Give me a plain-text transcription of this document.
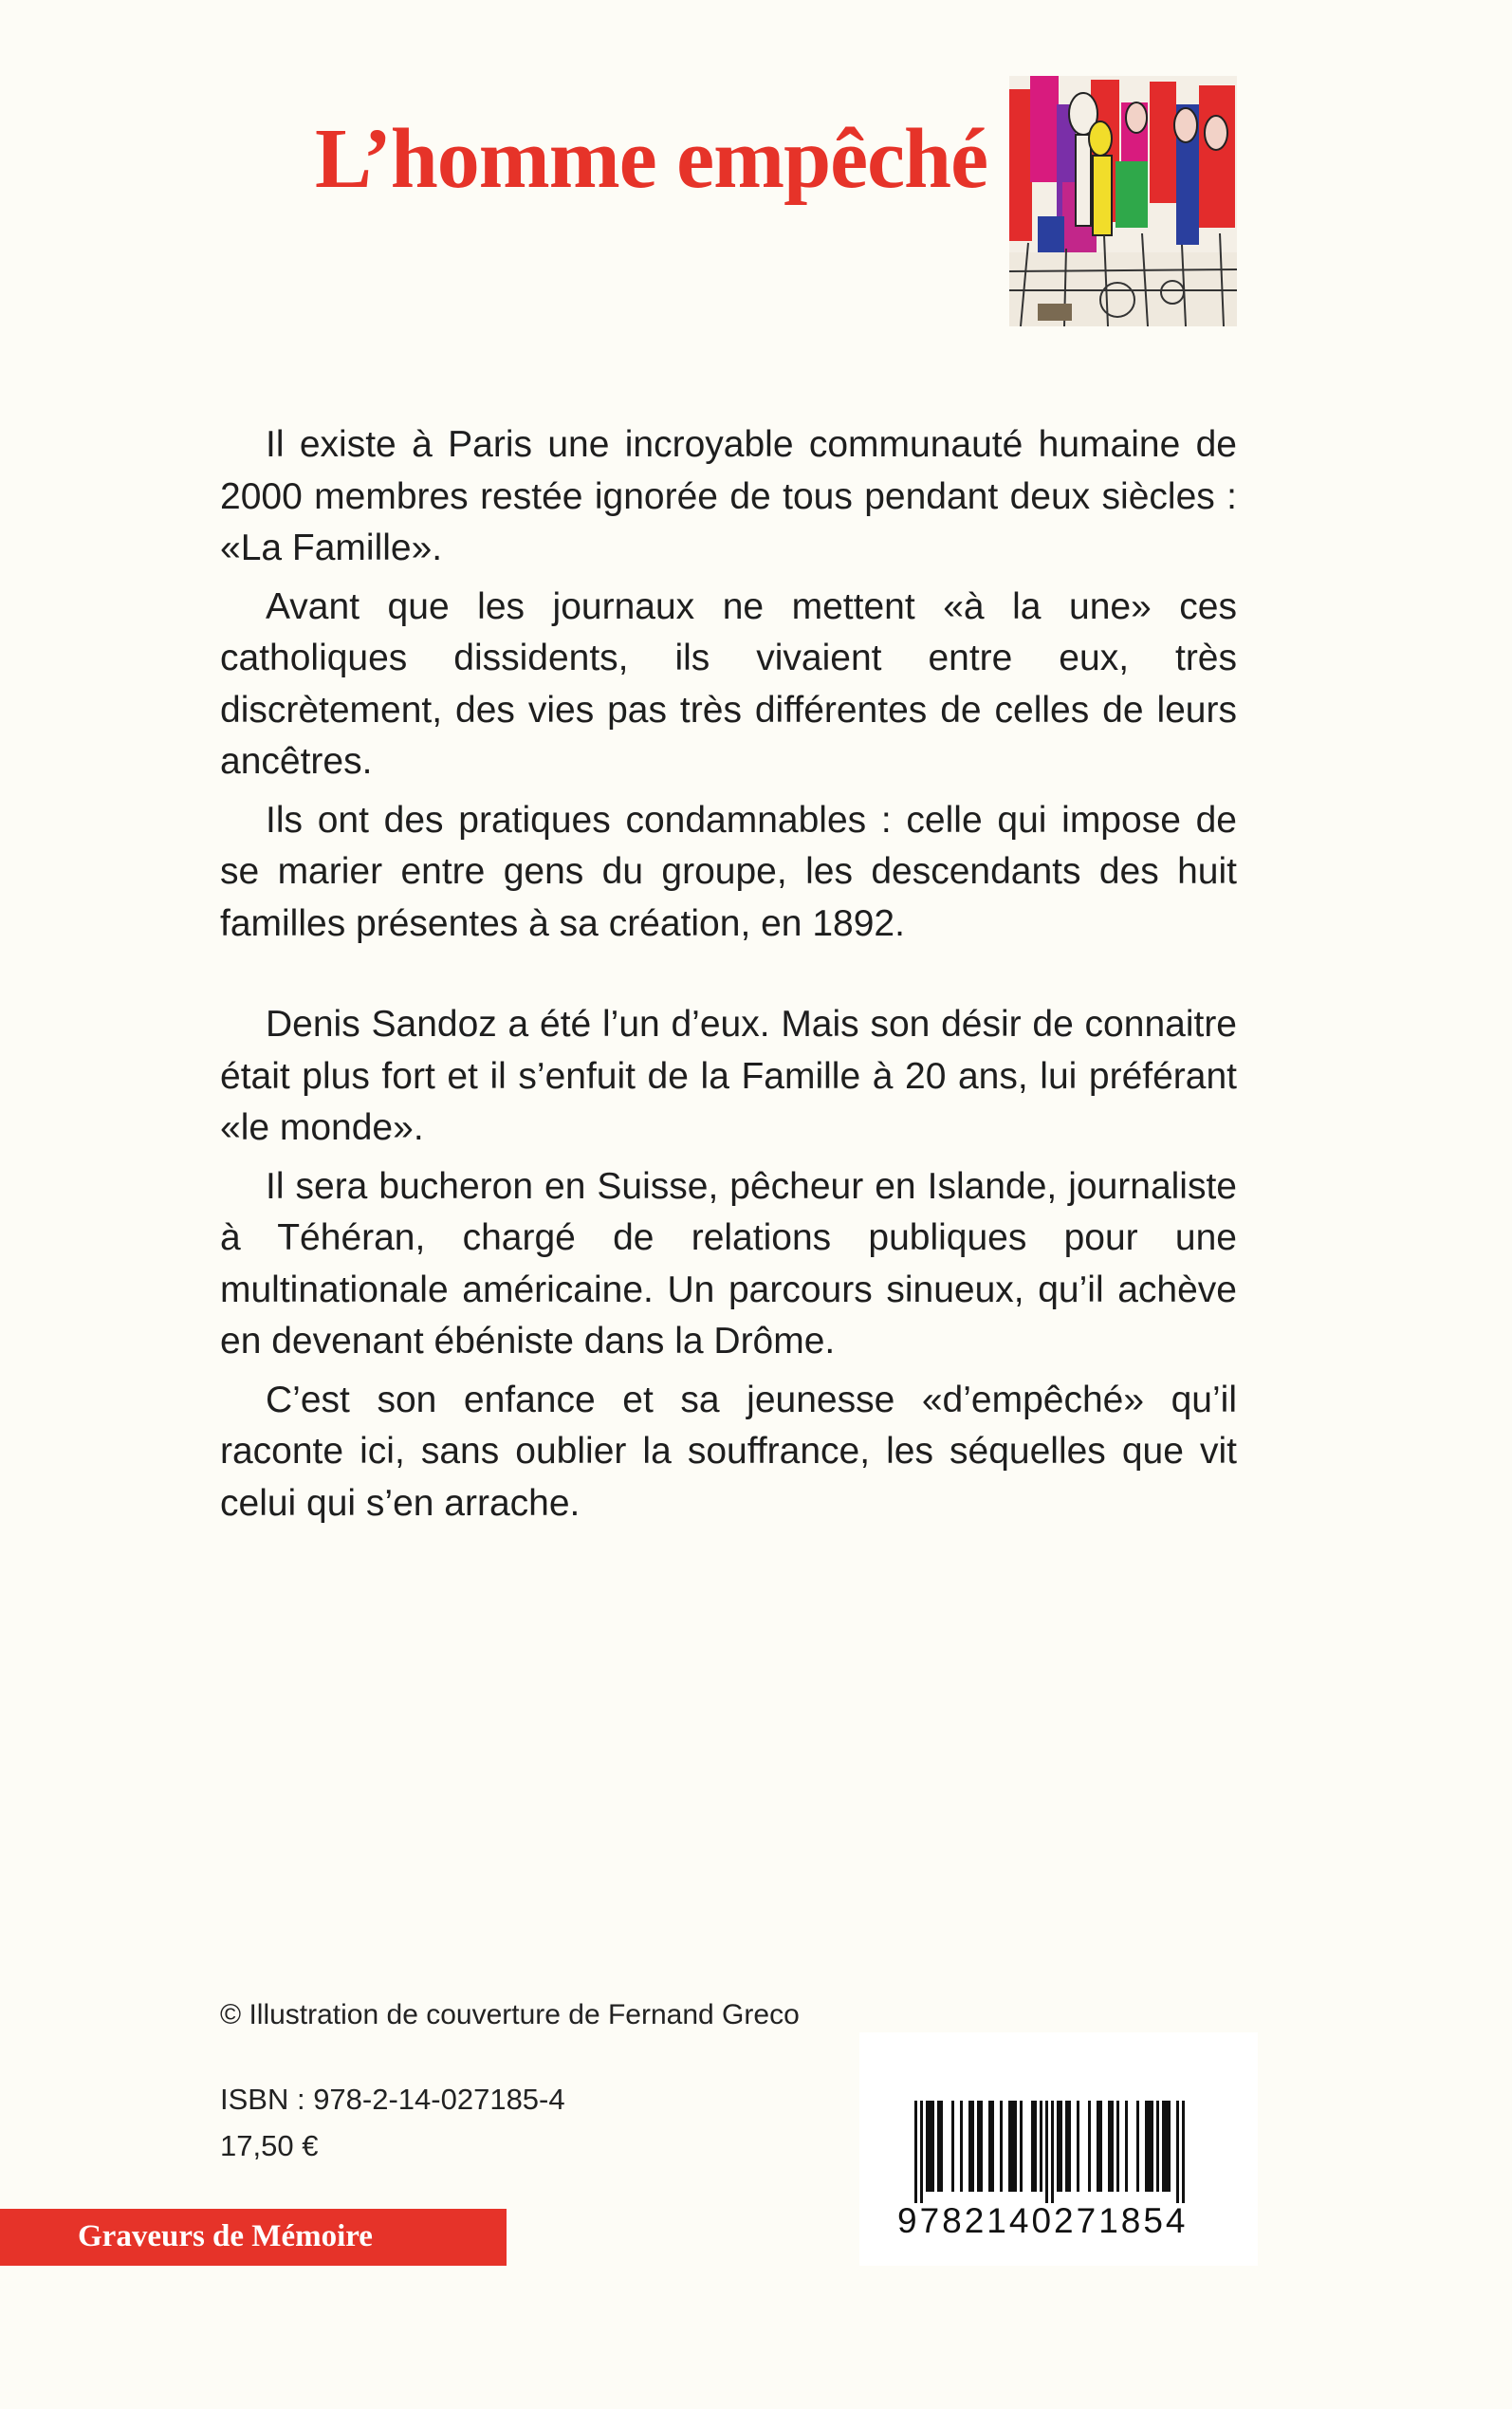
L’homme empêché

Il existe à Paris une incroyable communauté humaine de 2000 membres restée ignorée de tous pendant deux siècles : «La Famille».

Avant que les journaux ne mettent «à la une» ces catholiques dissidents, ils vivaient entre eux, très discrètement, des vies pas très différentes de celles de leurs ancêtres.

Ils ont des pratiques condamnables : celle qui impose de se marier entre gens du groupe, les descendants des huit familles présentes à sa création, en 1892.

Denis Sandoz a été l’un d’eux. Mais son désir de connaitre était plus fort et il s’enfuit de la Famille à 20 ans, lui préférant «le monde».

Il sera bucheron en Suisse, pêcheur en Islande, journaliste à Téhéran, chargé de relations publiques pour une multinationale américaine. Un parcours sinueux, qu’il achève en devenant ébéniste dans la Drôme.

C’est son enfance et sa jeunesse «d’empêché» qu’il raconte ici, sans oublier la souffrance, les séquelles que vit celui qui s’en arrache.

© Illustration de couverture de Fernand Greco

ISBN : 978-2-14-027185-4

17,50 €

9782140271854

Graveurs de Mémoire
